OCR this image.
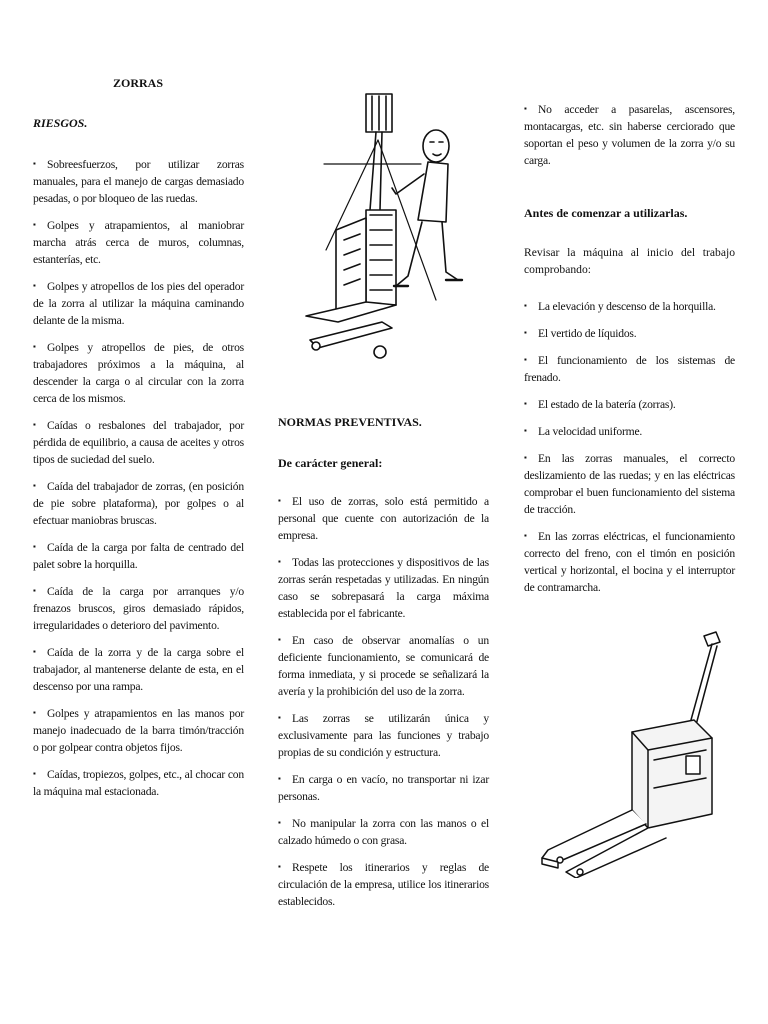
ZORRAS
RIESGOS.

▪ Sobreesfuerzos, por utilizar zorras manuales, para el manejo de cargas demasiado pesadas, o por bloqueo de las ruedas.

▪ Golpes y atrapamientos, al maniobrar marcha atrás cerca de muros, columnas, estanterías, etc.

▪ Golpes y atropellos de los pies del operador de la zorra al utilizar la máquina caminando delante de la misma.

▪ Golpes y atropellos de pies, de otros trabajadores próximos a la máquina, al descender la carga o al circular con la zorra cerca de los mismos.

▪ Caídas o resbalones del trabajador, por pérdida de equilibrio, a causa de aceites y otros tipos de suciedad del suelo.

▪ Caída del trabajador de zorras, (en posición de pie sobre plataforma), por golpes o al efectuar maniobras bruscas.

▪ Caída de la carga por falta de centrado del palet sobre la horquilla.

▪ Caída de la carga por arranques y/o frenazos bruscos, giros demasiado rápidos, irregularidades o deterioro del pavimento.

▪ Caída de la zorra y de la carga sobre el trabajador, al mantenerse delante de esta, en el descenso por una rampa.

▪ Golpes y atrapamientos en las manos por manejo inadecuado de la barra timón/tracción o por golpear contra objetos fijos.

▪ Caídas, tropiezos, golpes, etc., al chocar con la máquina mal estacionada.

NORMAS PREVENTIVAS.
De carácter general:

▪ El uso de zorras, solo está permitido a personal que cuente con autorización de la empresa.

▪ Todas las protecciones y dispositivos de las zorras serán respetadas y utilizadas. En ningún caso se sobrepasará la carga máxima establecida por el fabricante.

▪ En caso de observar anomalías o un deficiente funcionamiento, se comunicará de forma inmediata, y si procede se señalizará la avería y la prohibición del uso de la zorra.

▪ Las zorras se utilizarán única y exclusivamente para las funciones y trabajo propias de su condición y estructura.

▪ En carga o en vacío, no transportar ni izar personas.

▪ No manipular la zorra con las manos o el calzado húmedo o con grasa.

▪ Respete los itinerarios y reglas de circulación de la empresa, utilice los itinerarios establecidos.

▪ No acceder a pasarelas, ascensores, montacargas, etc. sin haberse cerciorado que soportan el peso y volumen de la zorra y/o su carga.

Antes de comenzar a utilizarlas.

Revisar la máquina al inicio del trabajo comprobando:

▪ La elevación y descenso de la horquilla.

▪ El vertido de líquidos.

▪ El funcionamiento de los sistemas de frenado.

▪ El estado de la batería (zorras).

▪ La velocidad uniforme.

▪ En las zorras manuales, el correcto deslizamiento de las ruedas; y en las eléctricas comprobar el buen funcionamiento del sistema de tracción.

▪ En las zorras eléctricas, el funcionamiento correcto del freno, con el timón en posición vertical y horizontal, el bocina y el interruptor de contramarcha.
